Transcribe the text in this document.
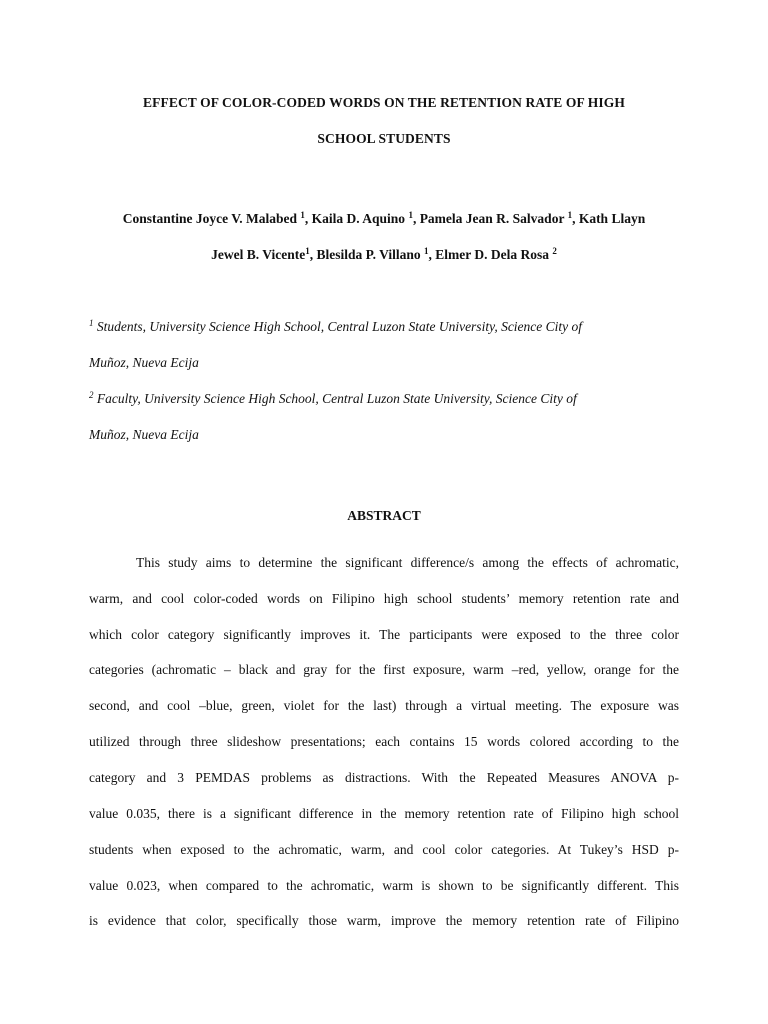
EFFECT OF COLOR-CODED WORDS ON THE RETENTION RATE OF HIGH
SCHOOL STUDENTS
Constantine Joyce V. Malabed $^1$, Kaila D. Aquino $^1$, Pamela Jean R. Salvador $^1$, Kath Llayn
Jewel B. Vicente$^1$, Blesilda P. Villano $^1$, Elmer D. Dela Rosa $^2$
$^1$ Students, University Science High School, Central Luzon State University, Science City of
Muñoz, Nueva Ecija
$^2$ Faculty, University Science High School, Central Luzon State University, Science City of
Muñoz, Nueva Ecija
ABSTRACT
This study aims to determine the significant difference/s among the effects of achromatic,
warm, and cool color-coded words on Filipino high school students’ memory retention rate and
which color category significantly improves it. The participants were exposed to the three color
categories (achromatic – black and gray for the first exposure, warm –red, yellow, orange for the
second, and cool –blue, green, violet for the last) through a virtual meeting. The exposure was
utilized through three slideshow presentations; each contains 15 words colored according to the
category and 3 PEMDAS problems as distractions. With the Repeated Measures ANOVA p-
value 0.035, there is a significant difference in the memory retention rate of Filipino high school
students when exposed to the achromatic, warm, and cool color categories. At Tukey’s HSD p-
value 0.023, when compared to the achromatic, warm is shown to be significantly different. This
is evidence that color, specifically those warm, improve the memory retention rate of Filipino
